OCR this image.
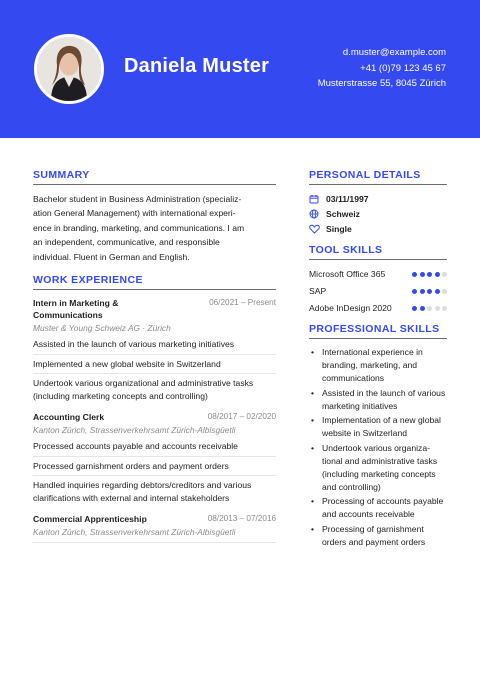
Daniela Muster
d.muster@example.com
+41 (0)79 123 45 67
Musterstrasse 55, 8045 Zürich
SUMMARY
Bachelor student in Business Administration (specializ-
ation General Management) with international experi-
ence in branding, marketing, and communications. I am
an independent, communicative, and responsible
individual. Fluent in German and English.
WORK EXPERIENCE
Intern in Marketing & Communications
06/2021 – Present
Muster & Young Schweiz AG · Zürich
Assisted in the launch of various marketing initiatives
Implemented a new global website in Switzerland
Undertook various organizational and administrative tasks (including marketing concepts and controlling)
Accounting Clerk	08/2017 – 02/2020
Kanton Zürich, Strassenverkehrsamt Zürich-Albisgüetli
Processed accounts payable and accounts receivable
Processed garnishment orders and payment orders
Handled inquiries regarding debtors/creditors and various clarifications with external and internal stakeholders
Commercial Apprenticeship	08/2013 – 07/2016
Kanton Zürich, Strassenverkehrsamt Zürich-Albisgüetli
PERSONAL DETAILS
03/11/1997
Schweiz
Single
TOOL SKILLS
Microsoft Office 365
SAP
Adobe InDesign 2020
PROFESSIONAL SKILLS
• International experience in branding, marketing, and communications
• Assisted in the launch of various marketing initiatives
• Implementation of a new global website in Switzerland
• Undertook various organiza-tional and administrative tasks (including marketing concepts and controlling)
• Processing of accounts payable and accounts receivable
• Processing of garnishment orders and payment orders
